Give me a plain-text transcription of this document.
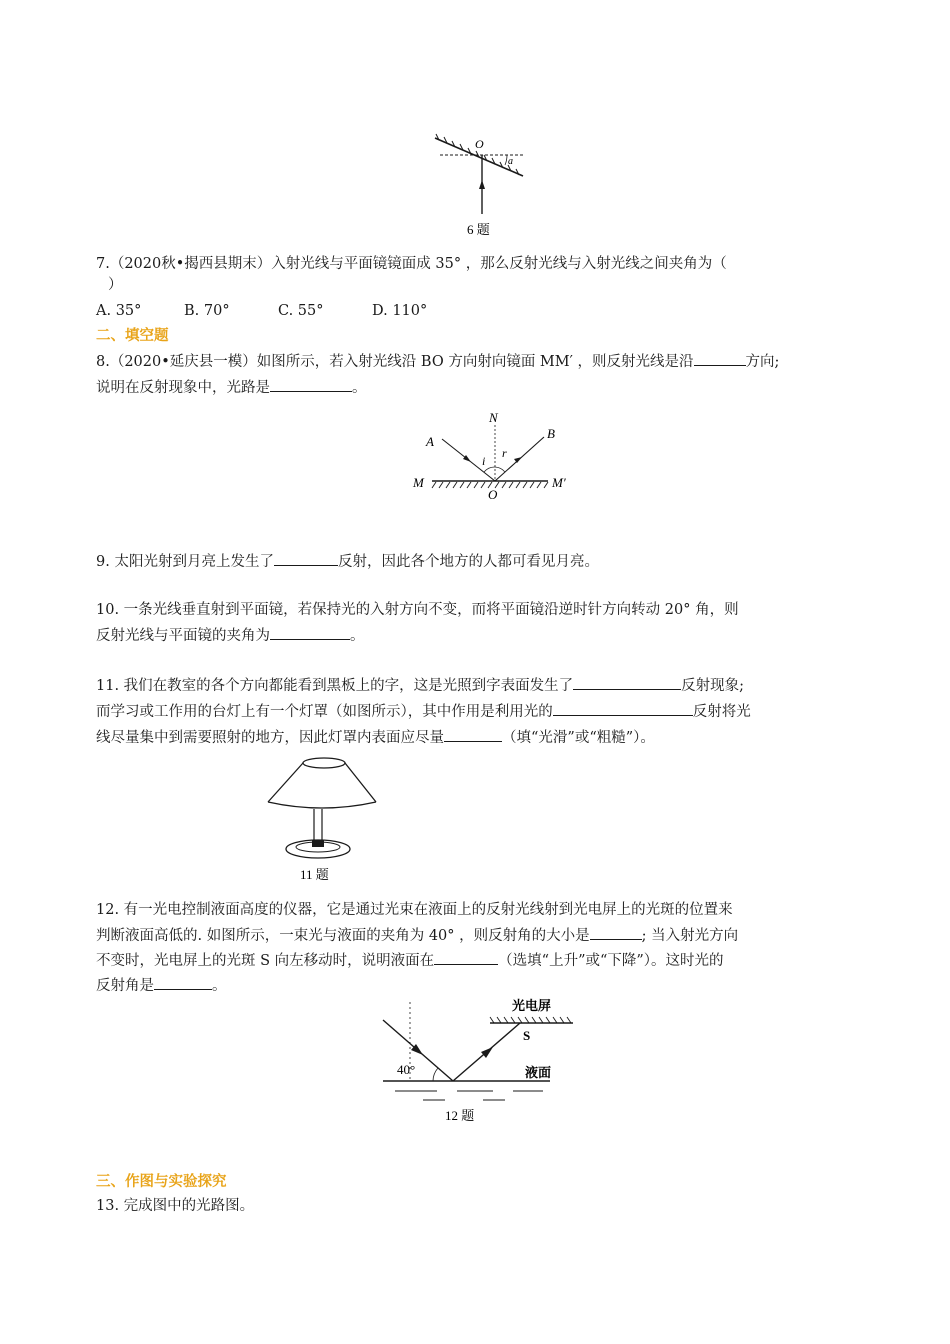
O
a
6 题
7.（2020秋•揭西县期末）入射光线与平面镜镜面成 35° ，那么反射光线与入射光线之间夹角为（
）
A. 35°	B. 70°	C. 55°	D. 110°
二、填空题
8.（2020•延庆县一模）如图所示，若入射光线沿 BO 方向射向镜面 MM′ ，则反射光线是沿	方向;
说明在反射现象中，光路是	。
N
A
B
i
r
M
O
M′
9. 太阳光射到月亮上发生了	反射，因此各个地方的人都可看见月亮。
10. 一条光线垂直射到平面镜，若保持光的入射方向不变，而将平面镜沿逆时针方向转动 20° 角，则
反射光线与平面镜的夹角为	。
11. 我们在教室的各个方向都能看到黑板上的字，这是光照到字表面发生了	反射现象;
而学习或工作用的台灯上有一个灯罩（如图所示），其中作用是利用光的	反射将光
线尽量集中到需要照射的地方，因此灯罩内表面应尽量	（填“光滑”或“粗糙”）。
11 题
12. 有一光电控制液面高度的仪器，它是通过光束在液面上的反射光线射到光电屏上的光斑的位置来
判断液面高低的. 如图所示，一束光与液面的夹角为 40° ，则反射角的大小是	; 当入射光方向
不变时，光电屏上的光斑 S 向左移动时，说明液面在	（选填“上升”或“下降”）。这时光的
反射角是	。
光电屏
S
40°	液面
12 题
三、作图与实验探究
13. 完成图中的光路图。
